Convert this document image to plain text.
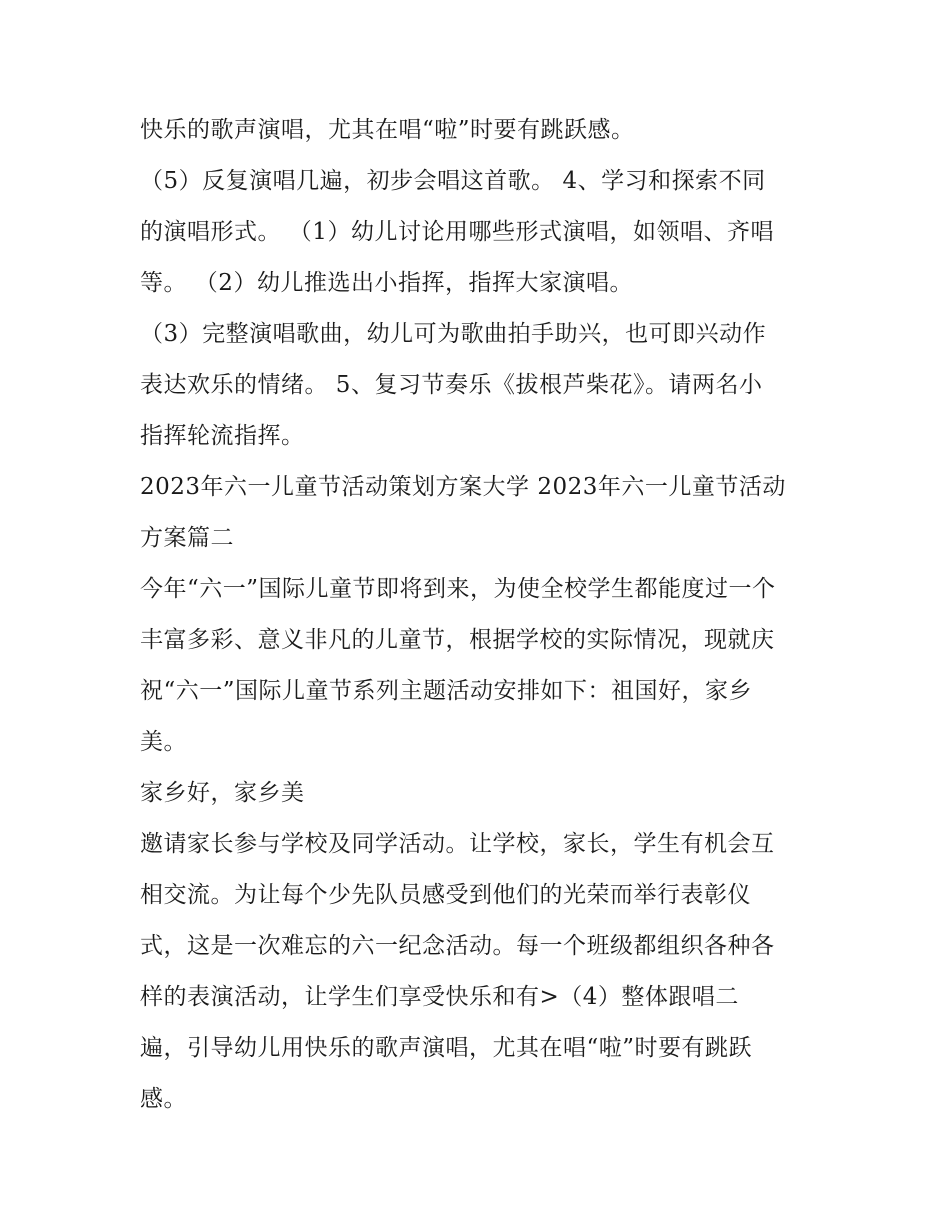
快乐的歌声演唱，尤其在唱“啦”时要有跳跃感。
（5）反复演唱几遍，初步会唱这首歌。 4、学习和探索不同
的演唱形式。 （1）幼儿讨论用哪些形式演唱，如领唱、齐唱
等。 （2）幼儿推选出小指挥，指挥大家演唱。
（3）完整演唱歌曲，幼儿可为歌曲拍手助兴，也可即兴动作
表达欢乐的情绪。 5、复习节奏乐《拔根芦柴花》。请两名小
指挥轮流指挥。
2023年六一儿童节活动策划方案大学 2023年六一儿童节活动
方案篇二
今年“六一”国际儿童节即将到来，为使全校学生都能度过一个
丰富多彩、意义非凡的儿童节，根据学校的实际情况，现就庆
祝“六一”国际儿童节系列主题活动安排如下：祖国好，家乡
美。
家乡好，家乡美
邀请家长参与学校及同学活动。让学校，家长，学生有机会互
相交流。为让每个少先队员感受到他们的光荣而举行表彰仪
式，这是一次难忘的六一纪念活动。每一个班级都组织各种各
样的表演活动，让学生们享受快乐和有>（4）整体跟唱二
遍，引导幼儿用快乐的歌声演唱，尤其在唱“啦”时要有跳跃
感。
